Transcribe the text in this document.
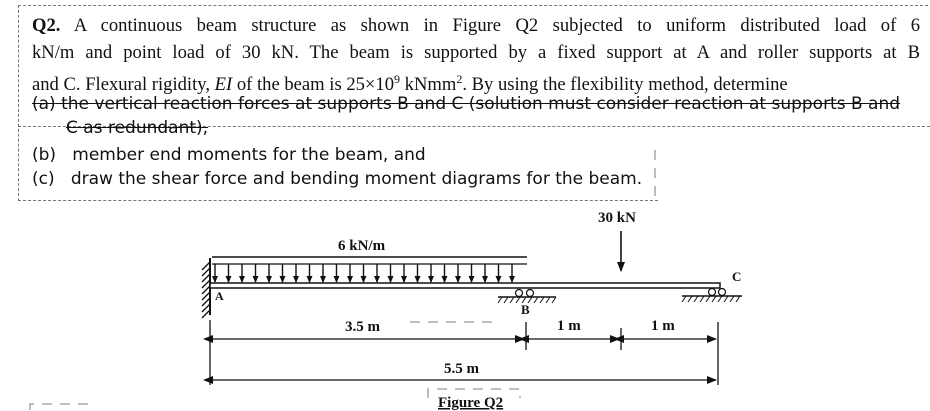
Q2. A continuous beam structure as shown in Figure Q2 subjected to uniform distributed load of 6
kN/m and point load of 30 kN. The beam is supported by a fixed support at A and roller supports at B
and C. Flexural rigidity, EI of the beam is $25\times 10^9$ kNmm$^2$. By using the flexibility method, determine
(a) the vertical reaction forces at supports B and C (solution must consider reaction at supports B and
C as redundant),
(b) member end moments for the beam, and
(c) draw the shear force and bending moment diagrams for the beam.
6 kN/m
30 kN
A
B
C
3.5 m	1 m	1 m
5.5 m
Figure Q2
